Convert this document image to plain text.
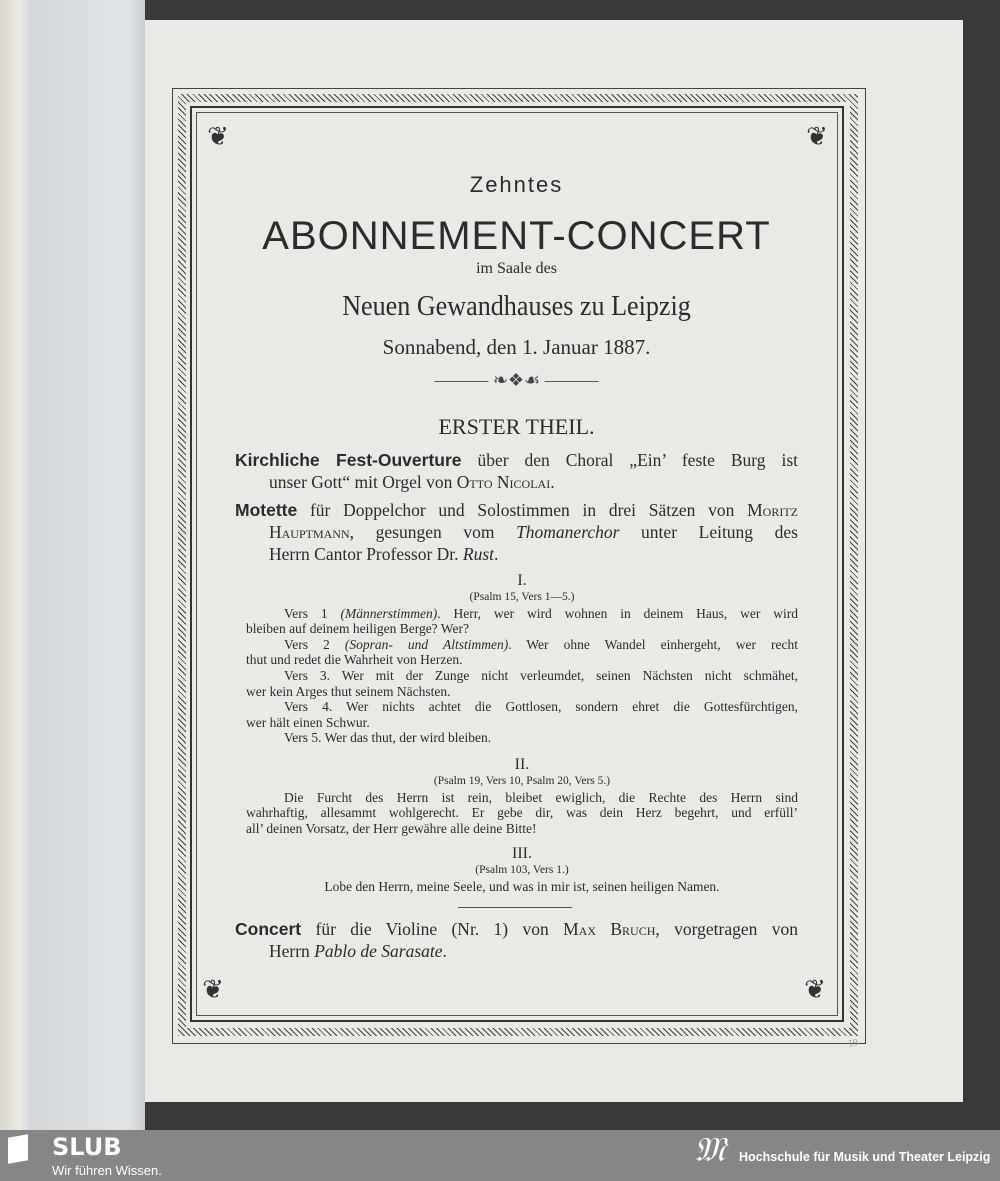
❦	❦
❦	❦
Zehntes
ABONNEMENT-CONCERT
im Saale des
Neuen Gewandhauses zu Leipzig
Sonnabend, den 1. Januar 1887.
——— ❧❖☙ ———
ERSTER THEIL.
Kirchliche Fest-Ouverture über den Choral „Ein’ feste Burg ist
unser Gott“ mit Orgel von Otto Nicolai.
Motette für Doppelchor und Solostimmen in drei Sätzen von Moritz
Hauptmann, gesungen vom Thomanerchor unter Leitung des
Herrn Cantor Professor Dr. Rust.
I.
(Psalm 15, Vers 1—5.)
Vers 1 (Männerstimmen). Herr, wer wird wohnen in deinem Haus, wer wird
bleiben auf deinem heiligen Berge? Wer?
Vers 2 (Sopran- und Altstimmen). Wer ohne Wandel einhergeht, wer recht
thut und redet die Wahrheit von Herzen.
Vers 3. Wer mit der Zunge nicht verleumdet, seinen Nächsten nicht schmähet,
wer kein Arges thut seinem Nächsten.
Vers 4. Wer nichts achtet die Gottlosen, sondern ehret die Gottesfürchtigen,
wer hält einen Schwur.
Vers 5. Wer das thut, der wird bleiben.
II.
(Psalm 19, Vers 10, Psalm 20, Vers 5.)
Die Furcht des Herrn ist rein, bleibet ewiglich, die Rechte des Herrn sind
wahrhaftig, allesammt wohlgerecht. Er gebe dir, was dein Herz begehrt, und erfüll’
all’ deinen Vorsatz, der Herr gewähre alle deine Bitte!
III.
(Psalm 103, Vers 1.)
Lobe den Herrn, meine Seele, und was in mir ist, seinen heiligen Namen.
Concert für die Violine (Nr. 1) von Max Bruch, vorgetragen von
Herrn Pablo de Sarasate.
19
SLUB
Wir führen Wissen.
𝔐 Hochschule für Musik und Theater Leipzig
